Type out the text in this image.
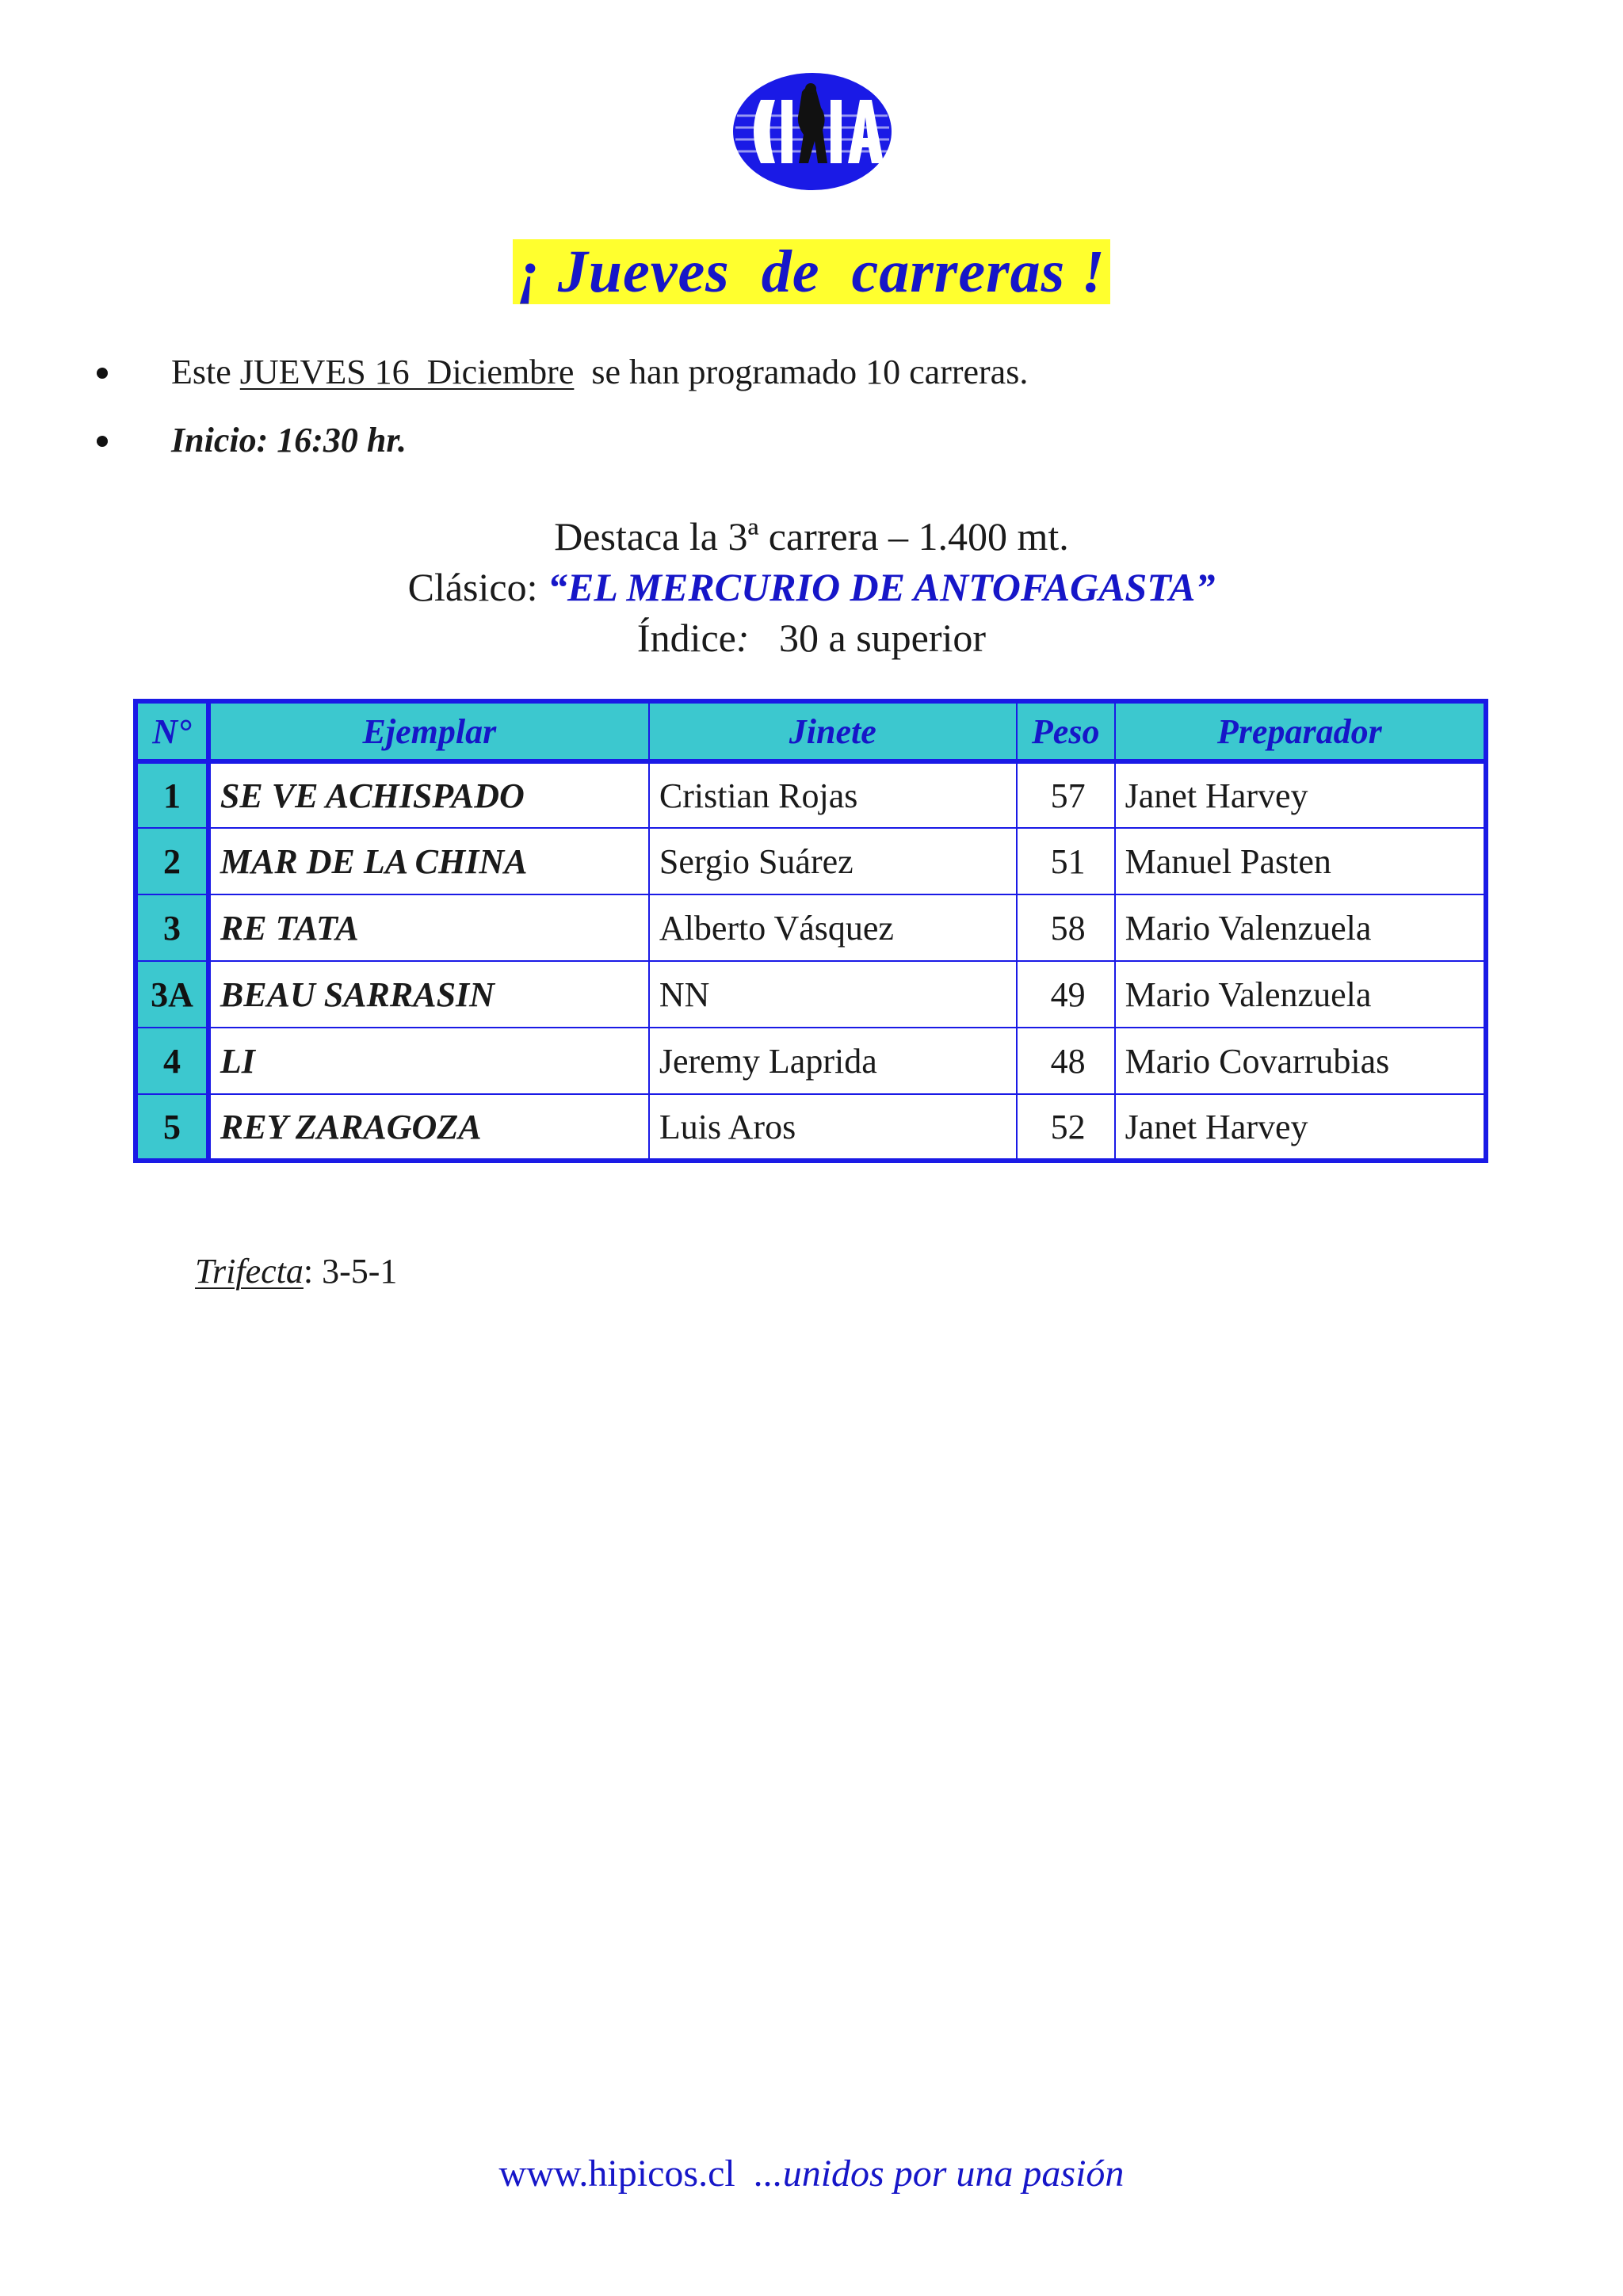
¡ Jueves  de  carreras !

Este JUEVES 16  Diciembre  se han programado 10 carreras.

Inicio: 16:30 hr.

Destaca la 3ª carrera – 1.400 mt.
Clásico: “EL MERCURIO DE ANTOFAGASTA”
Índice:   30 a superior
N°	Ejemplar	Jinete	Peso	Preparador
1	SE VE ACHISPADO	Cristian Rojas	57	Janet Harvey
2	MAR DE LA CHINA	Sergio Suárez	51	Manuel Pasten
3	RE TATA	Alberto Vásquez	58	Mario Valenzuela
3A	BEAU SARRASIN	NN	49	Mario Valenzuela
4	LI	Jeremy Laprida	48	Mario Covarrubias
5	REY ZARAGOZA	Luis Aros	52	Janet Harvey
Trifecta: 3-5-1
www.hipicos.cl  ...unidos por una pasión
